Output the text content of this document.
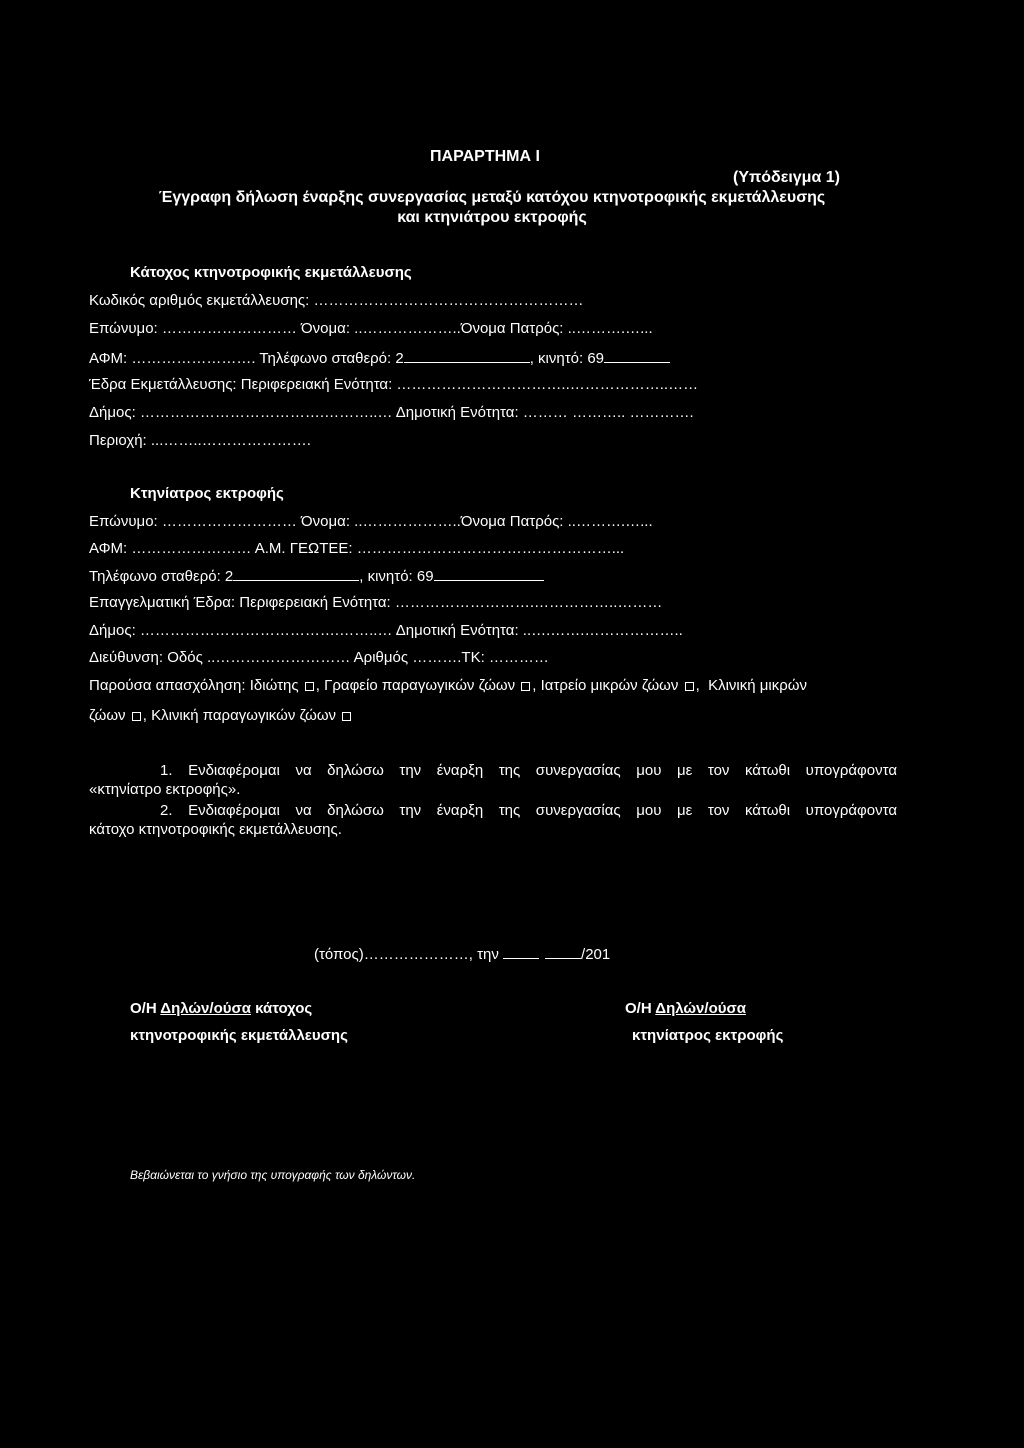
ΠΑΡΑΡΤΗΜΑ Ι
(Υπόδειγμα 1)
Έγγραφη δήλωση έναρξης συνεργασίας μεταξύ κατόχου κτηνοτροφικής εκμετάλλευσης
και κτηνιάτρου εκτροφής
Κάτοχος κτηνοτροφικής εκμετάλλευσης
Κωδικός αριθμός εκμετάλλευσης: ………………………………………………
Επώνυμο: ……………………… Όνομα: ..………………..Όνομα Πατρός: ..……….…...
ΑΦΜ: ……………………. Τηλέφωνο σταθερό: 2	, κινητό: 69
Έδρα Εκμετάλλευσης: Περιφερειακή Ενότητα: ……………………………..………………..……
Δήμος: ……………………………….………..… Δημοτική Ενότητα: ……… ……….. ………….
Περιοχή: ...……..………………….
Κτηνίατρος εκτροφής
Επώνυμο: ……………………… Όνομα: ..………………..Όνομα Πατρός: ..……….…...
ΑΦΜ: …………………… Α.Μ. ΓΕΩΤΕΕ: ……………………………………………...
Τηλέφωνο σταθερό: 2	, κινητό: 69
Επαγγελματική Έδρα: Περιφερειακή Ενότητα: ……………………….……………..………
Δήμος: ………………………………….……..… Δημοτική Ενότητα: ..….…….………………..
Διεύθυνση: Οδός ..……………………… Αριθμός ……….ΤΚ: …………
Παρούσα απασχόληση: Ιδιώτης , Γραφείο παραγωγικών ζώων , Ιατρείο μικρών ζώων ,  Κλινική μικρών
ζώων , Κλινική παραγωγικών ζώων
1. Ενδιαφέρομαι να δηλώσω την έναρξη της συνεργασίας μου με τον κάτωθι υπογράφοντα
«κτηνίατρο εκτροφής».
2. Ενδιαφέρομαι να δηλώσω την έναρξη της συνεργασίας μου με τον κάτωθι υπογράφοντα
κάτοχο κτηνοτροφικής εκμετάλλευσης.
(τόπος)…………………, την	/201
Ο/Η Δηλών/ούσα κάτοχος
κτηνοτροφικής εκμετάλλευσης
Ο/Η Δηλών/ούσα
κτηνίατρος εκτροφής
Βεβαιώνεται το γνήσιο της υπογραφής των δηλώντων.
